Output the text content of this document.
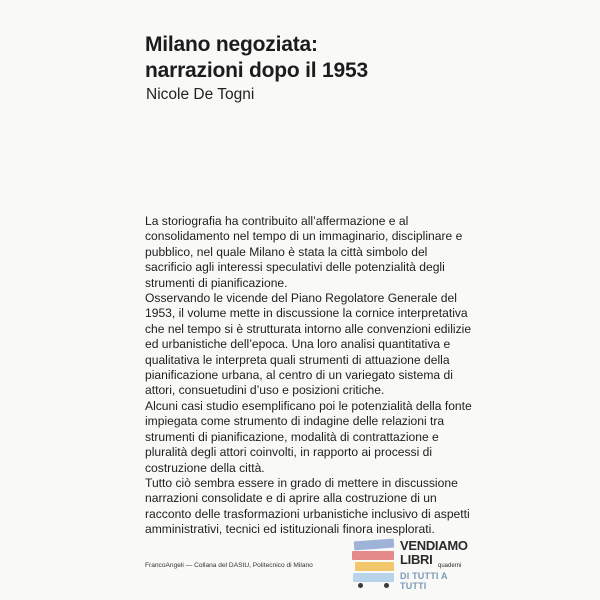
Milano negoziata:
narrazioni dopo il 1953
Nicole De Togni

La storiografia ha contribuito all’affermazione e al consolidamento nel tempo di un immaginario, disciplinare e pubblico, nel quale Milano è stata la città simbolo del sacrificio agli interessi speculativi delle potenzialità degli strumenti di pianificazione.

Osservando le vicende del Piano Regolatore Generale del 1953, il volume mette in discussione la cornice interpretativa che nel tempo si è strutturata intorno alle convenzioni edilizie ed urbanistiche dell’epoca. Una loro analisi quantitativa e qualitativa le interpreta quali strumenti di attuazione della pianificazione urbana, al centro di un variegato sistema di attori, consuetudini d’uso e posizioni critiche.

Alcuni casi studio esemplificano poi le potenzialità della fonte impiegata come strumento di indagine delle relazioni tra strumenti di pianificazione, modalità di contrattazione e pluralità degli attori coinvolti, in rapporto ai processi di costruzione della città.

Tutto ciò sembra essere in grado di mettere in discussione narrazioni consolidate e di aprire alla costruzione di un racconto delle trasformazioni urbanistiche inclusivo di aspetti amministrativi, tecnici ed istituzionali finora inesplorati.

FrancoAngeli — Collana del DAStU, Politecnico di Milano
VENDIAMO
LIBRI quaderni
DI TUTTI A TUTTI
